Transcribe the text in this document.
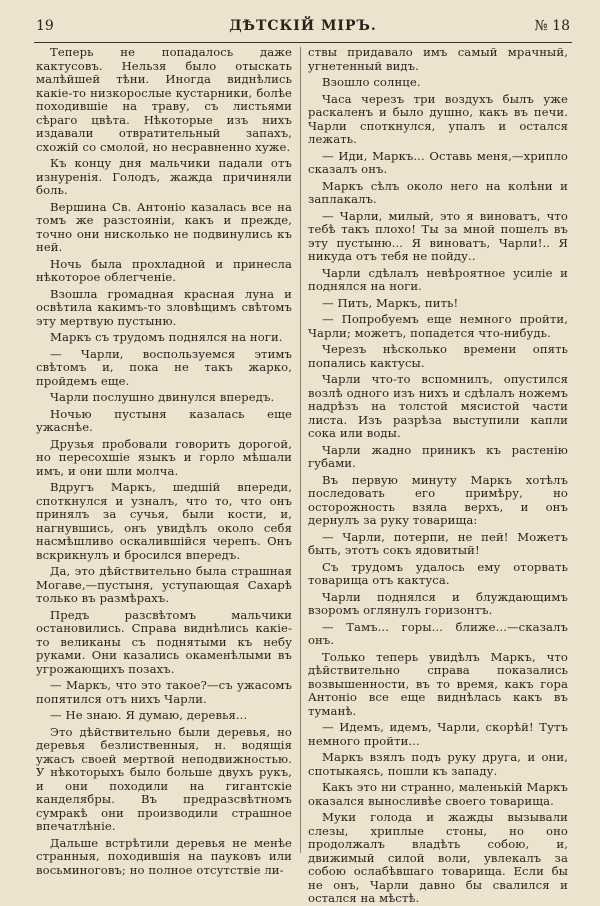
19	ДѢТСКІЙ МІРЪ.	№ 18

Теперь не попадалось даже кактусовъ. Нельзя было отыскать малѣйшей тѣни. Иногда виднѣлись какіе-то низкорослые кустарники, болѣе походившіе на траву, съ листьями сѣраго цвѣта. Нѣкоторые изъ нихъ издавали отвратительный запахъ, схожій со смолой, но несравненно хуже.

Къ концу дня мальчики падали отъ изнуренія. Голодъ, жажда причиняли боль.

Вершина Св. Антоніо казалась все на томъ же разстояніи, какъ и прежде, точно они нисколько не подвинулись къ ней.

Ночь была прохладной и принесла нѣкоторое облегченіе.

Взошла громадная красная луна и освѣтила какимъ-то зловѣщимъ свѣтомъ эту мертвую пустыню.

Маркъ съ трудомъ поднялся на ноги.

— Чарли, воспользуемся этимъ свѣтомъ и, пока не такъ жарко, пройдемъ еще.

Чарли послушно двинулся впередъ.

Ночью пустыня казалась еще ужаснѣе.

Друзья пробовали говорить дорогой, но пересохшіе языкъ и горло мѣшали имъ, и они шли молча.

Вдругъ Маркъ, шедшій впереди, споткнулся и узналъ, что то, что онъ принялъ за сучья, были кости, и, нагнувшись, онъ увидѣлъ около себя насмѣшливо оскалившійся черепъ. Онъ вскрикнулъ и бросился впередъ.

Да, это дѣйствительно была страшная Могаве,—пустыня, уступающая Сахарѣ только въ размѣрахъ.

Предъ разсвѣтомъ мальчики остановились. Справа виднѣлись какіе-то великаны съ поднятыми къ небу руками. Они казались окаменѣлыми въ угрожающихъ позахъ.

— Маркъ, что это такое?—съ ужасомъ попятился отъ нихъ Чарли.

— Не знаю. Я думаю, деревья...

Это дѣйствительно были деревья, но деревья безлиственныя, н. водящія ужасъ своей мертвой неподвижностью. У нѣкоторыхъ было больше двухъ рукъ, и они походили на гигантскіе канделябры. Въ предразсвѣтномъ сумракѣ они производили страшное впечатлѣніе.

Дальше встрѣтили деревья не менѣе странныя, походившія на пауковъ или восьминоговъ; но полное отсутствіе ли-

ствы придавало имъ самый мрачный, угнетенный видъ.

Взошло солнце.

Часа черезъ три воздухъ былъ уже раскаленъ и было душно, какъ въ печи. Чарли споткнулся, упалъ и остался лежать.

— Иди, Маркъ... Оставь меня,—хрипло сказалъ онъ.

Маркъ сѣлъ около него на колѣни и заплакалъ.

— Чарли, милый, это я виноватъ, что тебѣ такъ плохо! Ты за мной пошелъ въ эту пустыню... Я виноватъ, Чарли!.. Я никуда отъ тебя не пойду..

Чарли сдѣлалъ невѣроятное усиліе и поднялся на ноги.

— Пить, Маркъ, пить!

— Попробуемъ еще немного пройти, Чарли; можетъ, попадется что-нибудь.

Черезъ нѣсколько времени опять попались кактусы.

Чарли что-то вспомнилъ, опустился возлѣ одного изъ нихъ и сдѣлалъ ножемъ надрѣзъ на толстой мясистой части листа. Изъ разрѣза выступили капли сока или воды.

Чарли жадно приникъ къ растенію губами.

Въ первую минуту Маркъ хотѣлъ последовать его примѣру, но осторожность взяла верхъ, и онъ дернулъ за руку товарища:

— Чарли, потерпи, не пей! Можетъ быть, этотъ сокъ ядовитый!

Съ трудомъ удалось ему оторвать товарища отъ кактуса.

Чарли поднялся и блуждающимъ взоромъ оглянулъ горизонтъ.

— Тамъ... горы... ближе...—сказалъ онъ.

Только теперь увидѣлъ Маркъ, что дѣйствительно справа показались возвышенности, въ то время, какъ гора Антоніо все еще виднѣлась какъ въ туманѣ.

— Идемъ, идемъ, Чарли, скорѣй! Тутъ немного пройти...

Маркъ взялъ подъ руку друга, и они, спотыкаясь, пошли къ западу.

Какъ это ни странно, маленькій Маркъ оказался выносливѣе своего товарища.

Муки голода и жажды вызывали слезы, хриплые стоны, но оно продолжалъ владѣть собою, и, движимый силой воли, увлекалъ за собою ослабѣвшаго товарища. Если бы не онъ, Чарли давно бы свалился и остался на мѣстѣ.
